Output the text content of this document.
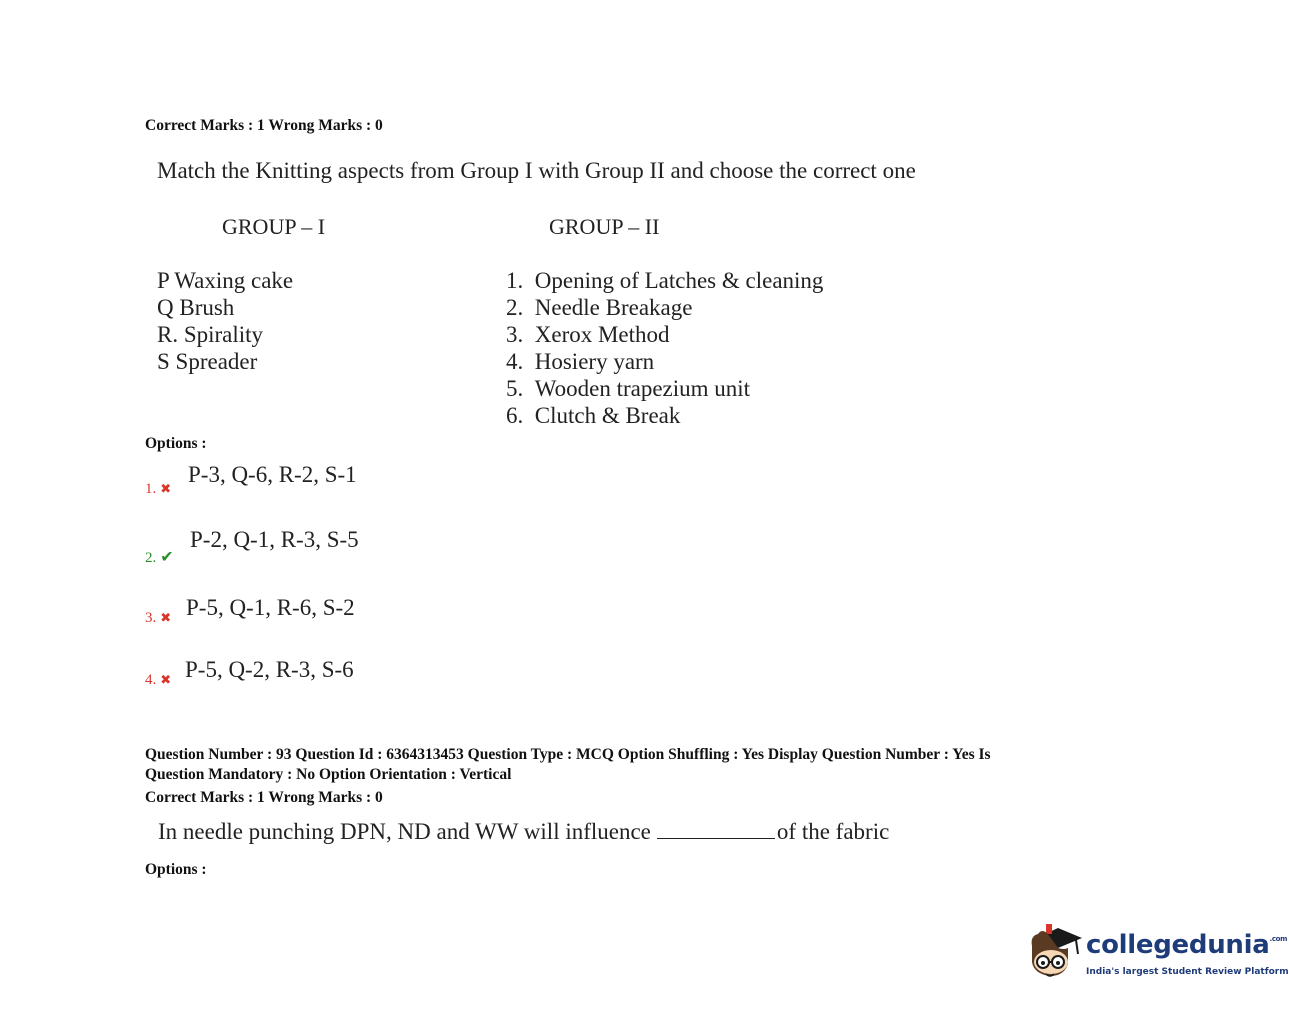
Correct Marks : 1 Wrong Marks : 0
Match the Knitting aspects from Group I with Group II and choose the correct one
GROUP – I	GROUP – II
P Waxing cake
Q Brush
R. Spirality
S Spreader
1. Opening of Latches & cleaning
2. Needle Breakage
3. Xerox Method
4. Hosiery yarn
5. Wooden trapezium unit
6. Clutch & Break
Options :
1. ✖
P-3, Q-6, R-2, S-1
2. ✔
P-2, Q-1, R-3, S-5
3. ✖ P-5, Q-1, R-6, S-2
4. ✖ P-5, Q-2, R-3, S-6
Question Number : 93 Question Id : 6364313453 Question Type : MCQ Option Shuffling : Yes Display Question Number : Yes Is
Question Mandatory : No Option Orientation : Vertical
Correct Marks : 1 Wrong Marks : 0
In needle punching DPN, ND and WW will influence	of the fabric
Options :
collegedunia$^{.com}$
India's largest Student Review Platform
